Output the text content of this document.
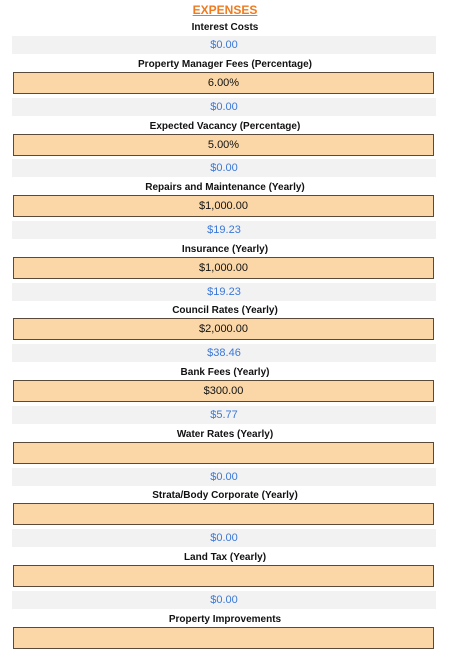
EXPENSES
Interest Costs
$0.00
Property Manager Fees (Percentage)
6.00%
$0.00
Expected Vacancy (Percentage)
5.00%
$0.00
Repairs and Maintenance (Yearly)
$1,000.00
$19.23
Insurance (Yearly)
$1,000.00
$19.23
Council Rates (Yearly)
$2,000.00
$38.46
Bank Fees (Yearly)
$300.00
$5.77
Water Rates (Yearly)
$0.00
Strata/Body Corporate (Yearly)
$0.00
Land Tax (Yearly)
$0.00
Property Improvements
